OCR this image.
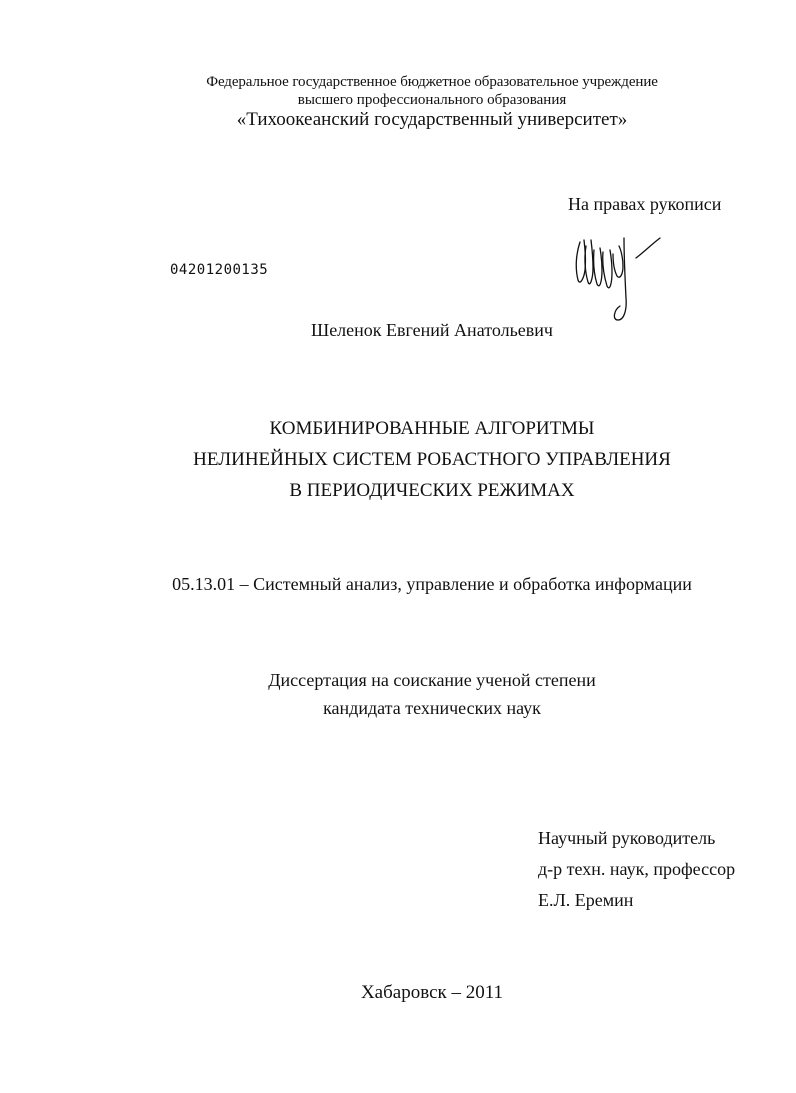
Федеральное государственное бюджетное образовательное учреждение
высшего профессионального образования
«Тихоокеанский государственный университет»
На правах рукописи
04201200135
Шеленок Евгений Анатольевич
КОМБИНИРОВАННЫЕ АЛГОРИТМЫ
НЕЛИНЕЙНЫХ СИСТЕМ РОБАСТНОГО УПРАВЛЕНИЯ
В ПЕРИОДИЧЕСКИХ РЕЖИМАХ
05.13.01 – Системный анализ, управление и обработка информации
Диссертация на соискание ученой степени
кандидата технических наук
Научный руководитель
д-р техн. наук, профессор
Е.Л. Еремин
Хабаровск – 2011
